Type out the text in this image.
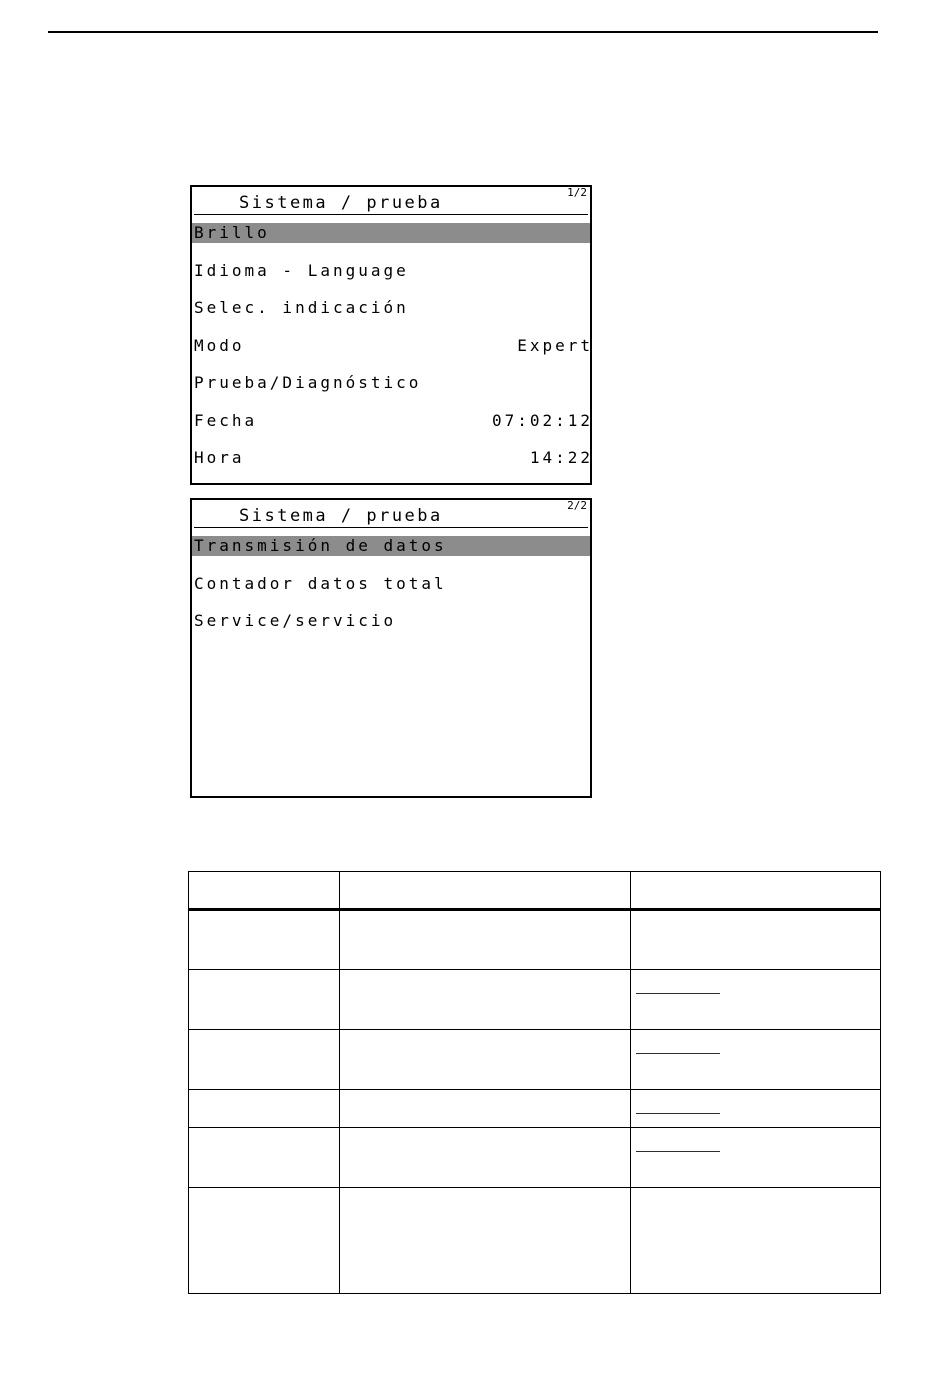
1/2
Sistema / prueba
Brillo
Idioma - Language
Selec. indicación
Modo	Expert
Prueba/Diagnóstico
Fecha	07:02:12
Hora	14:22
2/2
Sistema / prueba
Transmisión de datos
Contador datos total
Service/servicio
